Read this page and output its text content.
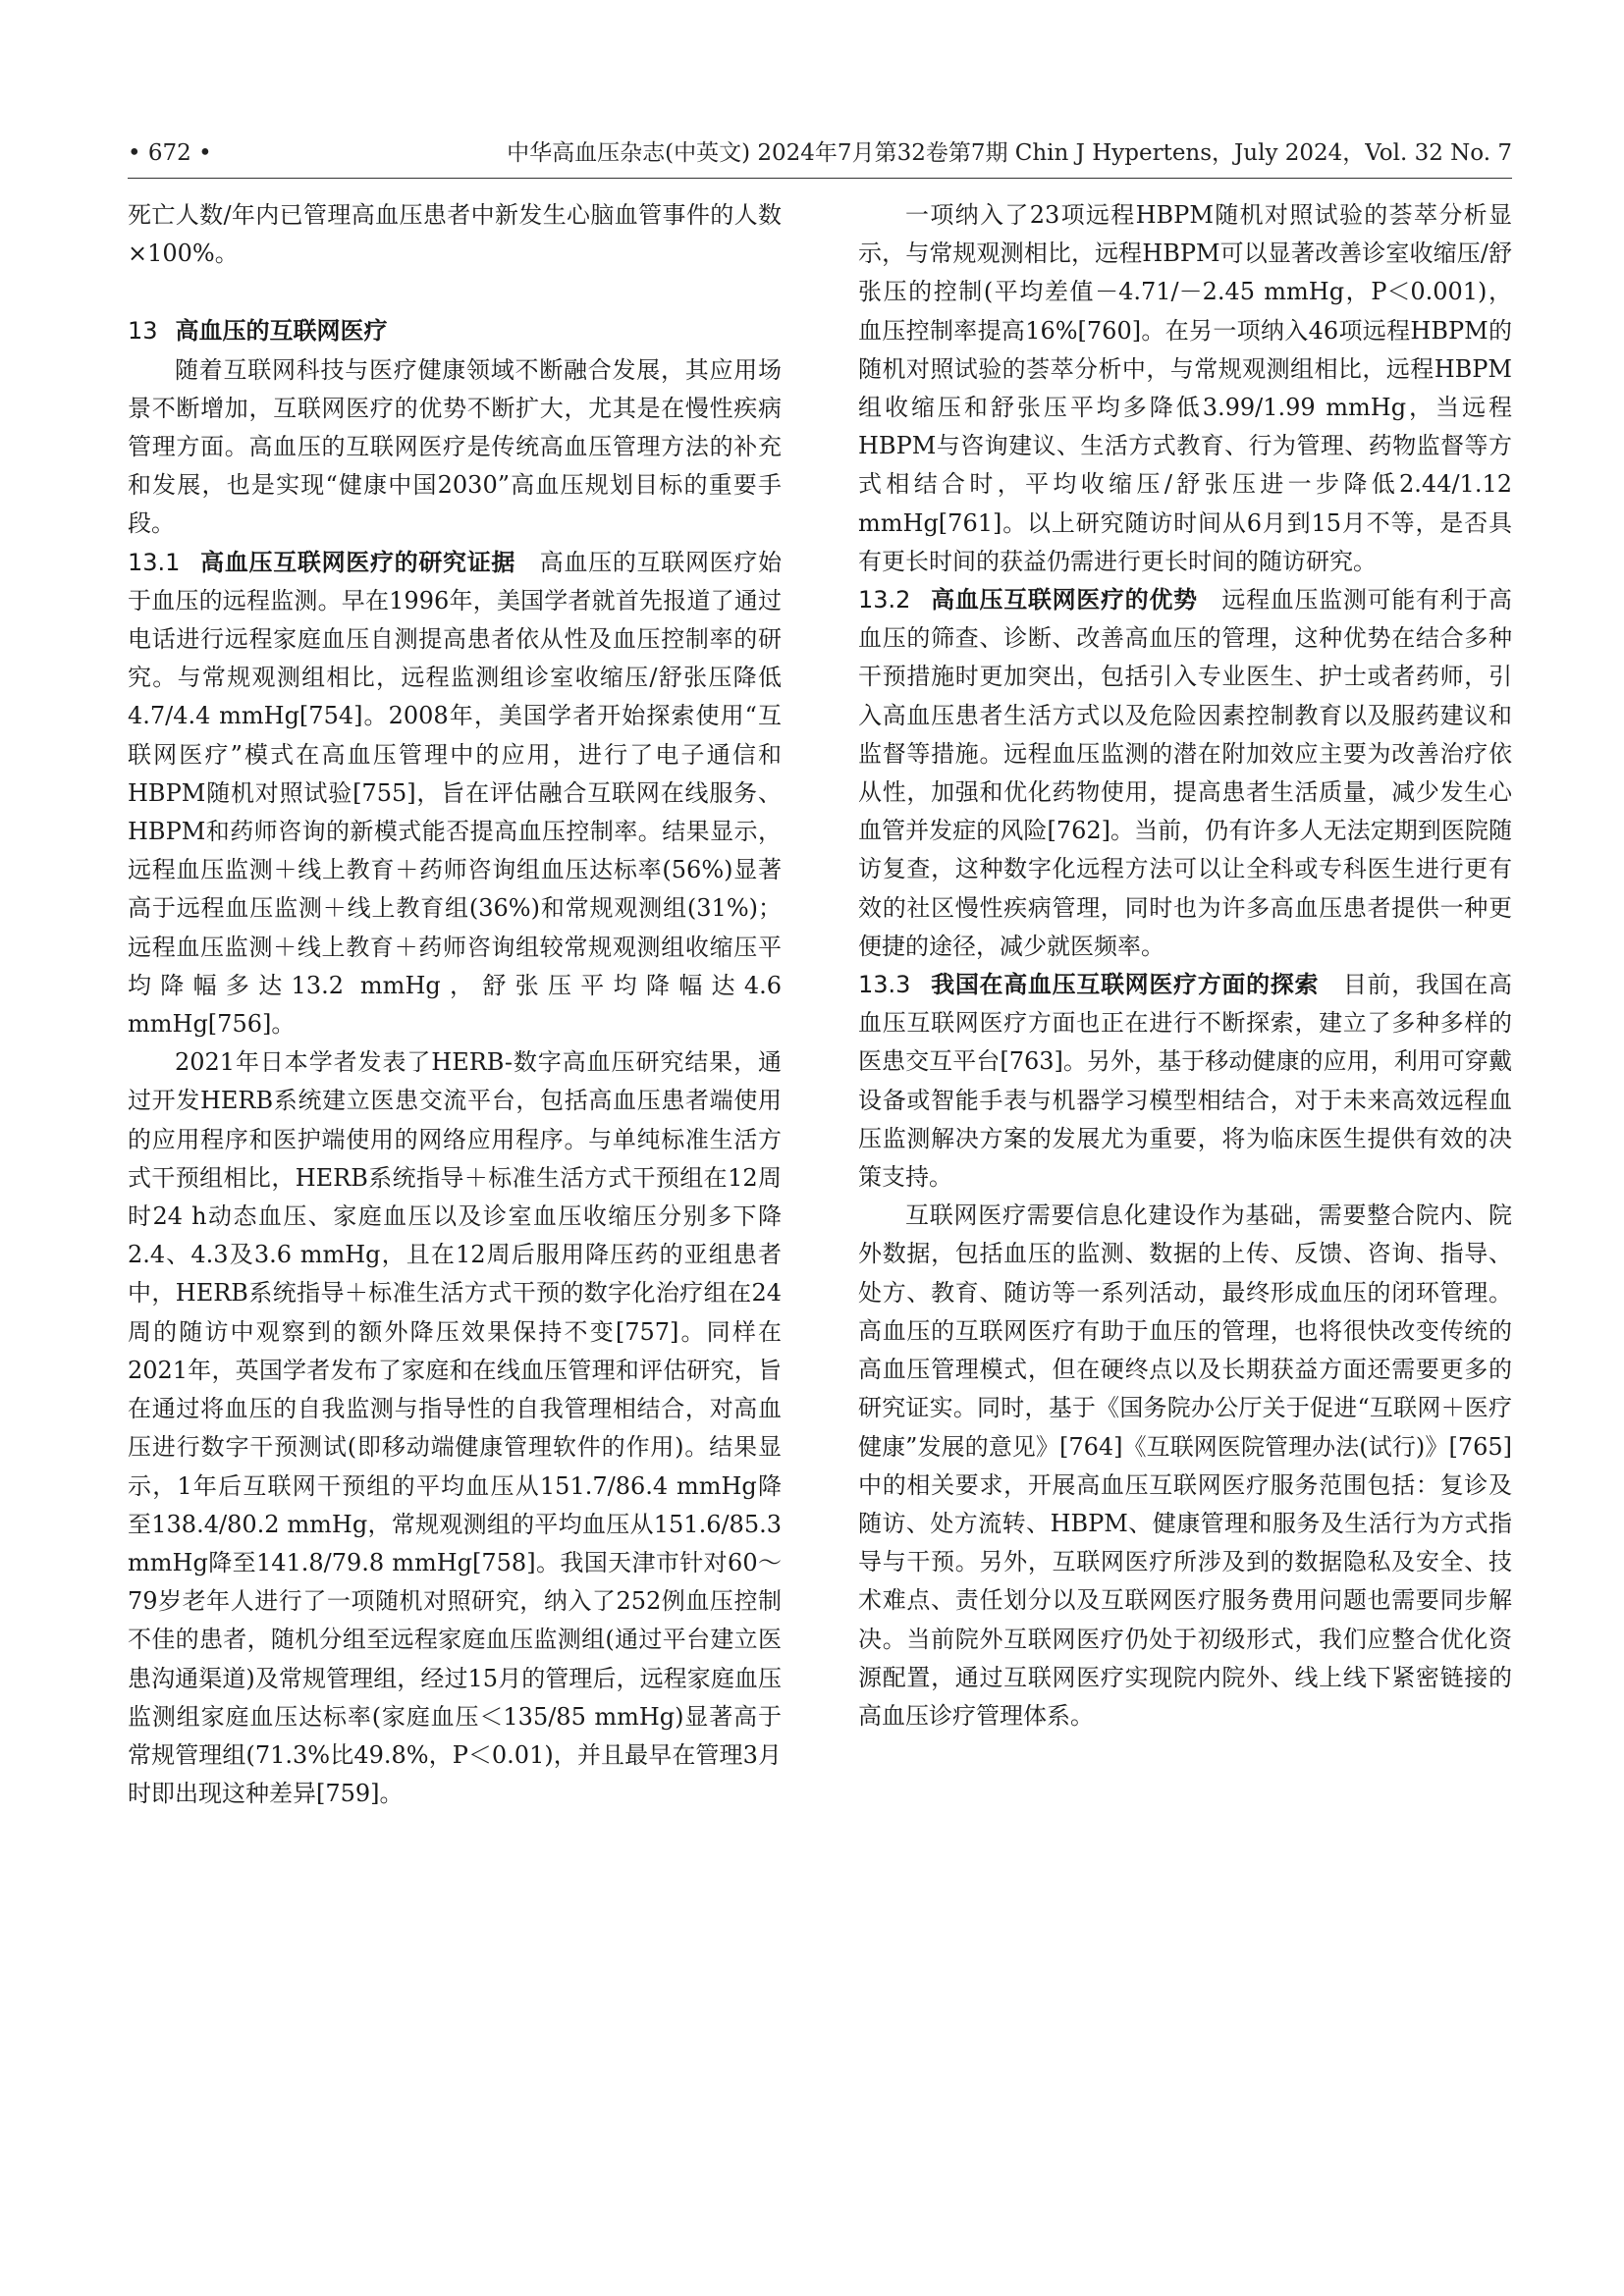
• 672 •	中华高血压杂志(中英文) 2024年7月第32卷第7期 Chin J Hypertens，July 2024，Vol. 32 No. 7

死亡人数/年内已管理高血压患者中新发生心脑血管事件的人数×100%。

13 高血压的互联网医疗

随着互联网科技与医疗健康领域不断融合发展，其应用场景不断增加，互联网医疗的优势不断扩大，尤其是在慢性疾病管理方面。高血压的互联网医疗是传统高血压管理方法的补充和发展，也是实现“健康中国2030”高血压规划目标的重要手段。

13.1 高血压互联网医疗的研究证据  高血压的互联网医疗始于血压的远程监测。早在1996年，美国学者就首先报道了通过电话进行远程家庭血压自测提高患者依从性及血压控制率的研究。与常规观测组相比，远程监测组诊室收缩压/舒张压降低4.7/4.4 mmHg[754]。2008年，美国学者开始探索使用“互联网医疗”模式在高血压管理中的应用，进行了电子通信和HBPM随机对照试验[755]，旨在评估融合互联网在线服务、HBPM和药师咨询的新模式能否提高血压控制率。结果显示，远程血压监测＋线上教育＋药师咨询组血压达标率(56%)显著高于远程血压监测＋线上教育组(36%)和常规观测组(31%)；远程血压监测＋线上教育＋药师咨询组较常规观测组收缩压平均降幅多达13.2 mmHg，舒张压平均降幅达4.6 mmHg[756]。

2021年日本学者发表了HERB-数字高血压研究结果，通过开发HERB系统建立医患交流平台，包括高血压患者端使用的应用程序和医护端使用的网络应用程序。与单纯标准生活方式干预组相比，HERB系统指导＋标准生活方式干预组在12周时24 h动态血压、家庭血压以及诊室血压收缩压分别多下降2.4、4.3及3.6 mmHg，且在12周后服用降压药的亚组患者中，HERB系统指导＋标准生活方式干预的数字化治疗组在24周的随访中观察到的额外降压效果保持不变[757]。同样在2021年，英国学者发布了家庭和在线血压管理和评估研究，旨在通过将血压的自我监测与指导性的自我管理相结合，对高血压进行数字干预测试(即移动端健康管理软件的作用)。结果显示，1年后互联网干预组的平均血压从151.7/86.4 mmHg降至138.4/80.2 mmHg，常规观测组的平均血压从151.6/85.3 mmHg降至141.8/79.8 mmHg[758]。我国天津市针对60～79岁老年人进行了一项随机对照研究，纳入了252例血压控制不佳的患者，随机分组至远程家庭血压监测组(通过平台建立医患沟通渠道)及常规管理组，经过15月的管理后，远程家庭血压监测组家庭血压达标率(家庭血压＜135/85 mmHg)显著高于常规管理组(71.3%比49.8%，P＜0.01)，并且最早在管理3月时即出现这种差异[759]。

一项纳入了23项远程HBPM随机对照试验的荟萃分析显示，与常规观测相比，远程HBPM可以显著改善诊室收缩压/舒张压的控制(平均差值－4.71/－2.45 mmHg，P＜0.001)，血压控制率提高16%[760]。在另一项纳入46项远程HBPM的随机对照试验的荟萃分析中，与常规观测组相比，远程HBPM组收缩压和舒张压平均多降低3.99/1.99 mmHg，当远程HBPM与咨询建议、生活方式教育、行为管理、药物监督等方式相结合时，平均收缩压/舒张压进一步降低2.44/1.12 mmHg[761]。以上研究随访时间从6月到15月不等，是否具有更长时间的获益仍需进行更长时间的随访研究。

13.2 高血压互联网医疗的优势  远程血压监测可能有利于高血压的筛查、诊断、改善高血压的管理，这种优势在结合多种干预措施时更加突出，包括引入专业医生、护士或者药师，引入高血压患者生活方式以及危险因素控制教育以及服药建议和监督等措施。远程血压监测的潜在附加效应主要为改善治疗依从性，加强和优化药物使用，提高患者生活质量，减少发生心血管并发症的风险[762]。当前，仍有许多人无法定期到医院随访复查，这种数字化远程方法可以让全科或专科医生进行更有效的社区慢性疾病管理，同时也为许多高血压患者提供一种更便捷的途径，减少就医频率。

13.3 我国在高血压互联网医疗方面的探索  目前，我国在高血压互联网医疗方面也正在进行不断探索，建立了多种多样的医患交互平台[763]。另外，基于移动健康的应用，利用可穿戴设备或智能手表与机器学习模型相结合，对于未来高效远程血压监测解决方案的发展尤为重要，将为临床医生提供有效的决策支持。

互联网医疗需要信息化建设作为基础，需要整合院内、院外数据，包括血压的监测、数据的上传、反馈、咨询、指导、处方、教育、随访等一系列活动，最终形成血压的闭环管理。高血压的互联网医疗有助于血压的管理，也将很快改变传统的高血压管理模式，但在硬终点以及长期获益方面还需要更多的研究证实。同时，基于《国务院办公厅关于促进“互联网＋医疗健康”发展的意见》[764]《互联网医院管理办法(试行)》[765]中的相关要求，开展高血压互联网医疗服务范围包括：复诊及随访、处方流转、HBPM、健康管理和服务及生活行为方式指导与干预。另外，互联网医疗所涉及到的数据隐私及安全、技术难点、责任划分以及互联网医疗服务费用问题也需要同步解决。当前院外互联网医疗仍处于初级形式，我们应整合优化资源配置，通过互联网医疗实现院内院外、线上线下紧密链接的高血压诊疗管理体系。
